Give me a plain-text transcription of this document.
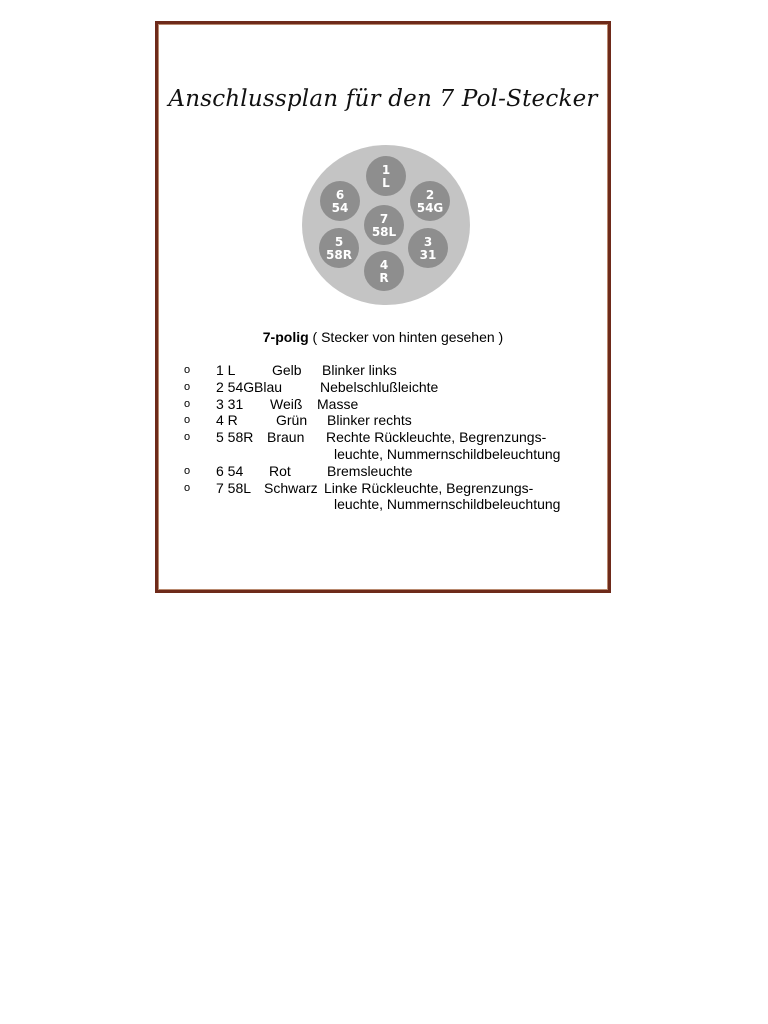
Anschlussplan für den 7 Pol-Stecker
1
L
2
54G
3
31
4
R
5
58R
6
54
7
58L
7-polig ( Stecker von hinten gesehen )
o 1 L	Gelb Blinker links
o 2 54G Blau	Nebelschlußleichte
o 3 31 Weiß Masse
o 4 R	Grün Blinker rechts
o 5 58R Braun Rechte Rückleuchte, Begrenzungs-
leuchte, Nummernschildbeleuchtung
o 6 54 Rot	Bremsleuchte
o 7 58L Schwarz Linke Rückleuchte, Begrenzungs-
leuchte, Nummernschildbeleuchtung
